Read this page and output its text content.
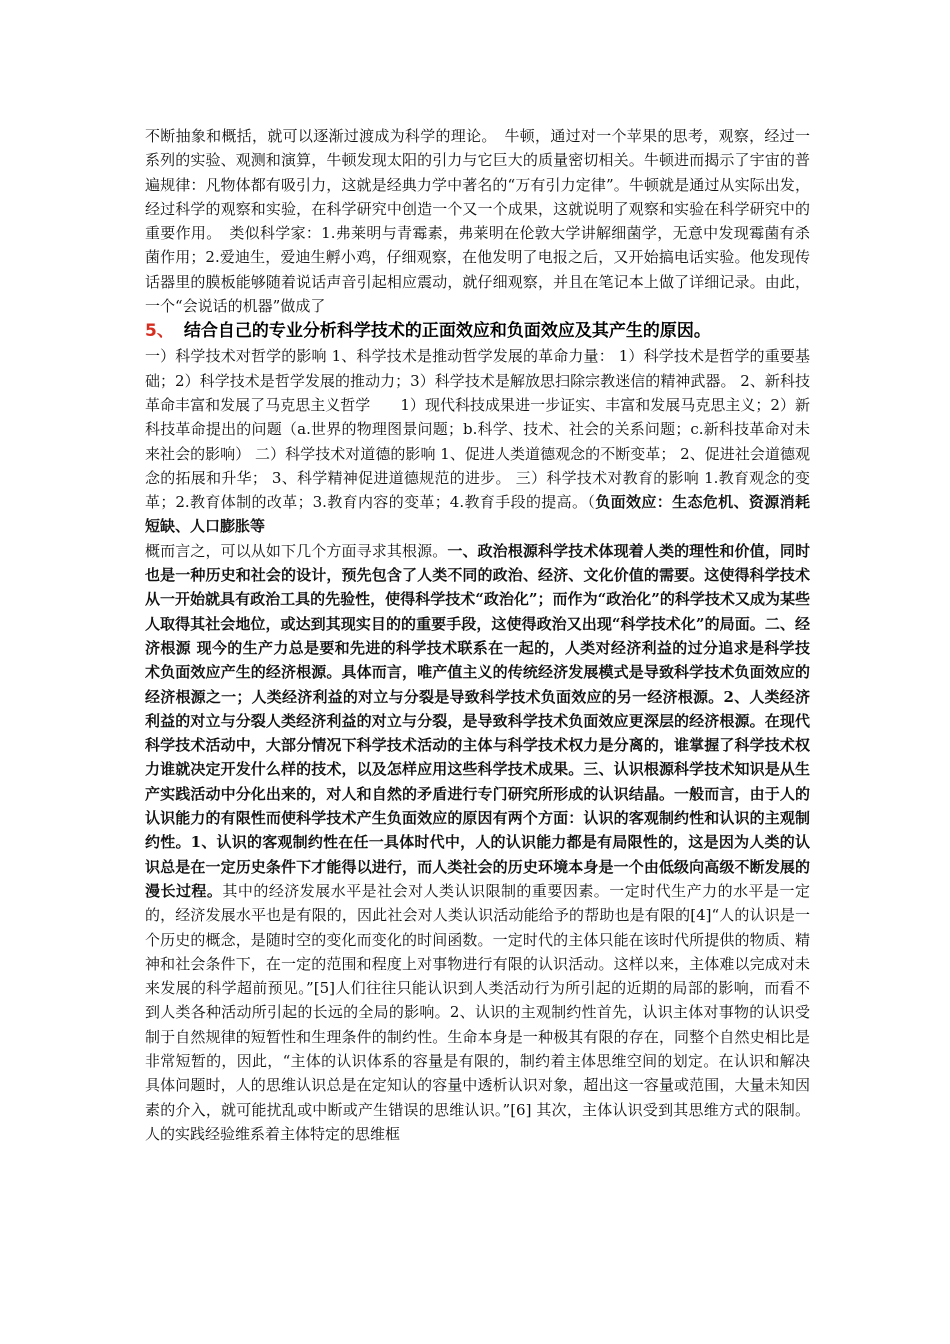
不断抽象和概括，就可以逐渐过渡成为科学的理论。　牛顿，通过对一个苹果的思考，观察，经过一系列的实验、观测和演算，牛顿发现太阳的引力与它巨大的质量密切相关。牛顿进而揭示了宇宙的普遍规律：凡物体都有吸引力，这就是经典力学中著名的“万有引力定律”。牛顿就是通过从实际出发，经过科学的观察和实验，在科学研究中创造一个又一个成果，这就说明了观察和实验在科学研究中的重要作用。　类似科学家：1.弗莱明与青霉素，弗莱明在伦敦大学讲解细菌学，无意中发现霉菌有杀菌作用；2.爱迪生，爱迪生孵小鸡，仔细观察，在他发明了电报之后，又开始搞电话实验。他发现传话器里的膜板能够随着说话声音引起相应震动，就仔细观察，并且在笔记本上做了详细记录。由此，一个“会说话的机器”做成了

5、 结合自己的专业分析科学技术的正面效应和负面效应及其产生的原因。

一）科学技术对哲学的影响 1、科学技术是推动哲学发展的革命力量： 1）科学技术是哲学的重要基础；2）科学技术是哲学发展的推动力；3）科学技术是解放思扫除宗教迷信的精神武器。 2、新科技革命丰富和发展了马克思主义哲学　　1）现代科技成果进一步证实、丰富和发展马克思主义；2）新科技革命提出的问题（a.世界的物理图景问题；b.科学、技术、社会的关系问题；c.新科技革命对未来社会的影响） 二）科学技术对道德的影响 1、促进人类道德观念的不断变革； 2、促进社会道德观念的拓展和升华； 3、科学精神促进道德规范的进步。 三）科学技术对教育的影响 1.教育观念的变革；2.教育体制的改革；3.教育内容的变革；4.教育手段的提高。（负面效应：生态危机、资源消耗短缺、人口膨胀等

概而言之，可以从如下几个方面寻求其根源。一、政治根源科学技术体现着人类的理性和价值，同时也是一种历史和社会的设计，预先包含了人类不同的政治、经济、文化价值的需要。这使得科学技术从一开始就具有政治工具的先验性，使得科学技术“政治化”；而作为“政治化”的科学技术又成为某些人取得其社会地位，或达到其现实目的的重要手段，这使得政治又出现“科学技术化”的局面。二、经济根源 现今的生产力总是要和先进的科学技术联系在一起的，人类对经济利益的过分追求是科学技术负面效应产生的经济根源。具体而言，唯产值主义的传统经济发展模式是导致科学技术负面效应的经济根源之一；人类经济利益的对立与分裂是导致科学技术负面效应的另一经济根源。2、人类经济利益的对立与分裂人类经济利益的对立与分裂，是导致科学技术负面效应更深层的经济根源。在现代科学技术活动中，大部分情况下科学技术活动的主体与科学技术权力是分离的，谁掌握了科学技术权力谁就决定开发什么样的技术，以及怎样应用这些科学技术成果。三、认识根源科学技术知识是从生产实践活动中分化出来的，对人和自然的矛盾进行专门研究所形成的认识结晶。一般而言，由于人的认识能力的有限性而使科学技术产生负面效应的原因有两个方面：认识的客观制约性和认识的主观制约性。1、认识的客观制约性在任一具体时代中，人的认识能力都是有局限性的，这是因为人类的认识总是在一定历史条件下才能得以进行，而人类社会的历史环境本身是一个由低级向高级不断发展的漫长过程。其中的经济发展水平是社会对人类认识限制的重要因素。一定时代生产力的水平是一定的，经济发展水平也是有限的，因此社会对人类认识活动能给予的帮助也是有限的[4]“人的认识是一个历史的概念，是随时空的变化而变化的时间函数。一定时代的主体只能在该时代所提供的物质、精神和社会条件下，在一定的范围和程度上对事物进行有限的认识活动。这样以来，主体难以完成对未来发展的科学超前预见。”[5]人们往往只能认识到人类活动行为所引起的近期的局部的影响，而看不到人类各种活动所引起的长远的全局的影响。2、认识的主观制约性首先，认识主体对事物的认识受制于自然规律的短暂性和生理条件的制约性。生命本身是一种极其有限的存在，同整个自然史相比是非常短暂的，因此，“主体的认识体系的容量是有限的，制约着主体思维空间的划定。在认识和解决具体问题时，人的思维认识总是在定知认的容量中透析认识对象，超出这一容量或范围，大量未知因素的介入，就可能扰乱或中断或产生错误的思维认识。”[6] 其次，主体认识受到其思维方式的限制。人的实践经验维系着主体特定的思维框
